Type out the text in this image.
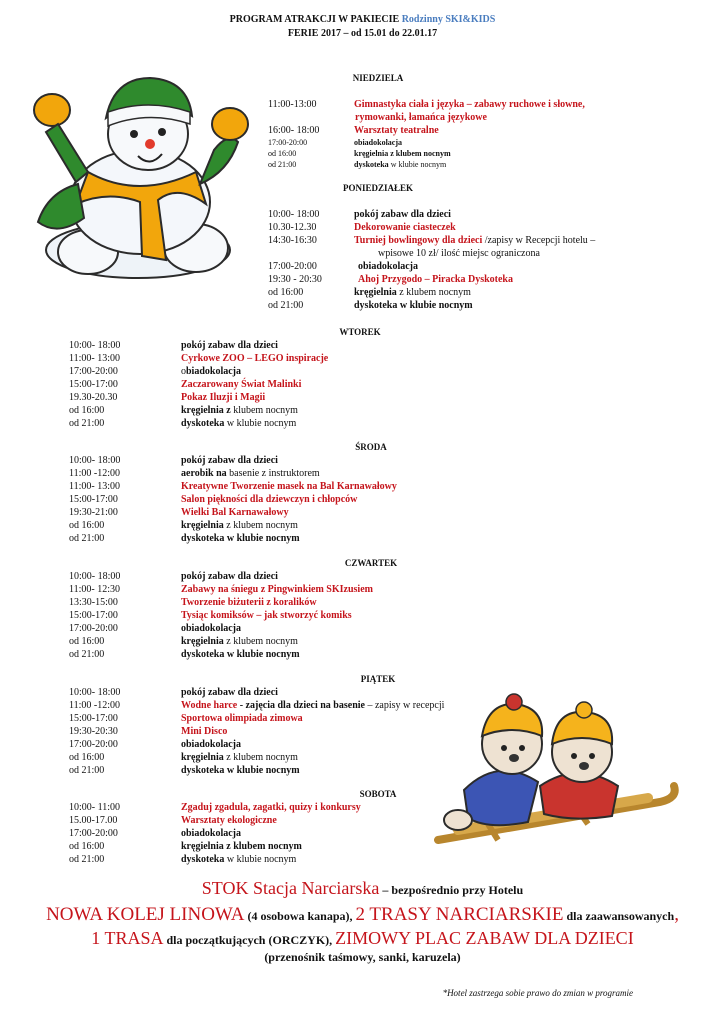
PROGRAM ATRAKCJI W PAKIECIE Rodzinny SKI&KIDS
FERIE 2017 – od 15.01 do 22.01.17
NIEDZIELA
11:00-13:00	Gimnastyka ciała i języka – zabawy ruchowe i słowne,
rymowanki, łamańca językowe
16:00- 18:00	Warsztaty teatralne
17:00-20:00	obiadokolacja
od 16:00	kręgielnia z klubem nocnym
od 21:00	dyskoteka w klubie nocnym
PONIEDZIAŁEK
10:00- 18:00	pokój zabaw dla dzieci
10.30-12.30	Dekorowanie ciasteczek
14:30-16:30	Turniej bowlingowy dla dzieci /zapisy w Recepcji hotelu –
wpisowe 10 zł/ ilość miejsc ograniczona
17:00-20:00	obiadokolacja
19:30 - 20:30	Ahoj Przygodo – Piracka Dyskoteka
od 16:00	kręgielnia z klubem nocnym
od 21:00	dyskoteka w klubie nocnym
WTOREK
10:00- 18:00	pokój zabaw dla dzieci
11:00- 13:00	Cyrkowe ZOO – LEGO inspiracje
17:00-20:00	obiadokolacja
15:00-17:00	Zaczarowany Świat Malinki
19.30-20.30	Pokaz Iluzji i Magii
od 16:00	kręgielnia z klubem nocnym
od 21:00	dyskoteka w klubie nocnym
ŚRODA
10:00- 18:00	pokój zabaw dla dzieci
11:00 -12:00	aerobik na basenie z instruktorem
11:00- 13:00	Kreatywne Tworzenie masek na Bal Karnawałowy
15:00-17:00	Salon piękności dla dziewczyn i chłopców
19:30-21:00	Wielki Bal Karnawałowy
od 16:00	kręgielnia z klubem nocnym
od 21:00	dyskoteka w klubie nocnym
CZWARTEK
10:00- 18:00	pokój zabaw dla dzieci
11:00- 12:30	Zabawy na śniegu z Pingwinkiem SKIzusiem
13:30-15:00	Tworzenie biżuterii z koralików
15:00-17:00	Tysiąc komiksów – jak stworzyć komiks
17:00-20:00	obiadokolacja
od 16:00	kręgielnia z klubem nocnym
od 21:00	dyskoteka w klubie nocnym
PIĄTEK
10:00- 18:00	pokój zabaw dla dzieci
11:00 -12:00	Wodne harce - zajęcia dla dzieci na basenie – zapisy w recepcji
15:00-17:00	Sportowa olimpiada zimowa
19:30-20:30	Mini Disco
17:00-20:00	obiadokolacja
od 16:00	kręgielnia z klubem nocnym
od 21:00	dyskoteka w klubie nocnym
SOBOTA
10:00- 11:00	Zgaduj zgadula, zagatki, quizy i konkursy
15.00-17.00	Warsztaty ekologiczne
17:00-20:00	obiadokolacja
od 16:00	kręgielnia z klubem nocnym
od 21:00	dyskoteka w klubie nocnym
STOK Stacja Narciarska – bezpośrednio przy Hotelu
NOWA KOLEJ LINOWA (4 osobowa kanapa), 2 TRASY NARCIARSKIE dla zaawansowanych,
1 TRASA dla początkujących (ORCZYK), ZIMOWY PLAC ZABAW DLA DZIECI
(przenośnik taśmowy, sanki, karuzela)
*Hotel zastrzega sobie prawo do zmian w programie
